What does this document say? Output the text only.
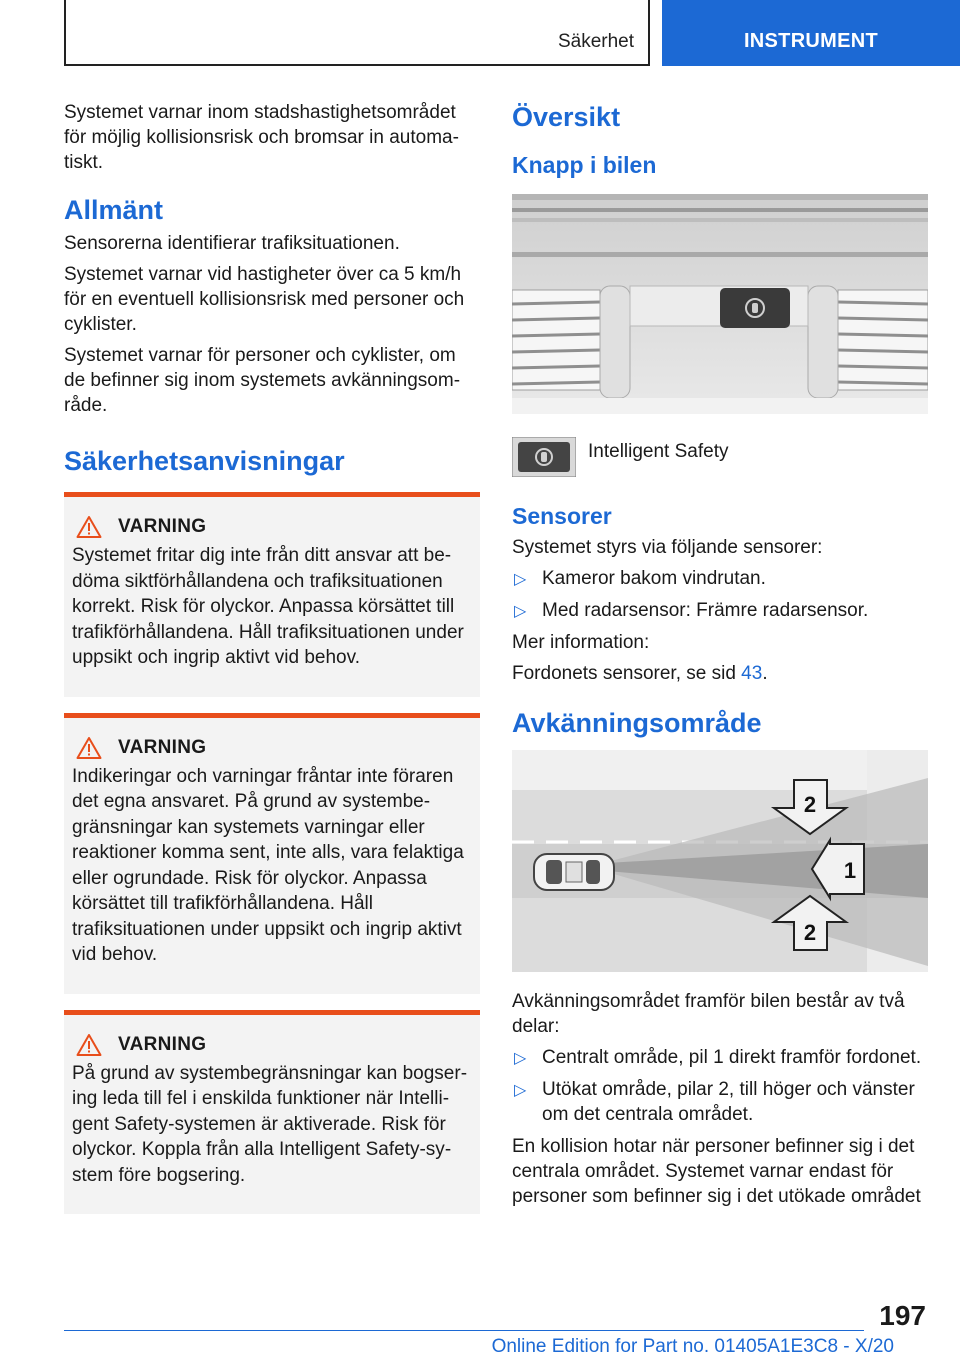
Säkerhet	INSTRUMENT

Systemet varnar inom stadshastighetsområdet för möjlig kollisionsrisk och bromsar in automatiskt.

Allmänt

Sensorerna identifierar trafiksituationen.

Systemet varnar vid hastigheter över ca 5 km/h för en eventuell kollisionsrisk med personer och cyklister.

Systemet varnar för personer och cyklister, om de befinner sig inom systemets avkänningsområde.

Säkerhetsanvisningar
VARNING

Systemet fritar dig inte från ditt ansvar att bedöma siktförhållandena och trafiksituationen korrekt. Risk för olyckor. Anpassa körsättet till trafikförhållandena. Håll trafiksituationen under uppsikt och ingrip aktivt vid behov.

VARNING

Indikeringar och varningar fråntar inte föraren det egna ansvaret. På grund av systembegränsningar kan systemets varningar eller reaktioner komma sent, inte alls, vara felaktiga eller ogrundade. Risk för olyckor. Anpassa körsättet till trafikförhållandena. Håll trafiksituationen under uppsikt och ingrip aktivt vid behov.

VARNING

På grund av systembegränsningar kan bogsering leda till fel i enskilda funktioner när Intelligent Safety-systemen är aktiverade. Risk för olyckor. Koppla från alla Intelligent Safety-system före bogsering.

Översikt
Knapp i bilen
Intelligent Safety
Sensorer

Systemet styrs via följande sensorer:

▷ Kameror bakom vindrutan.
▷ Med radarsensor: Främre radarsensor.

Mer information:

Fordonets sensorer, se sid 43.

Avkänningsområde
2
1
2

Avkänningsområdet framför bilen består av två delar:

▷ Centralt område, pil 1 direkt framför fordonet.
▷ Utökat område, pilar 2, till höger och vänster om det centrala området.

En kollision hotar när personer befinner sig i det centrala området. Systemet varnar endast för personer som befinner sig i det utökade området

197
Online Edition for Part no. 01405A1E3C8 - X/20
